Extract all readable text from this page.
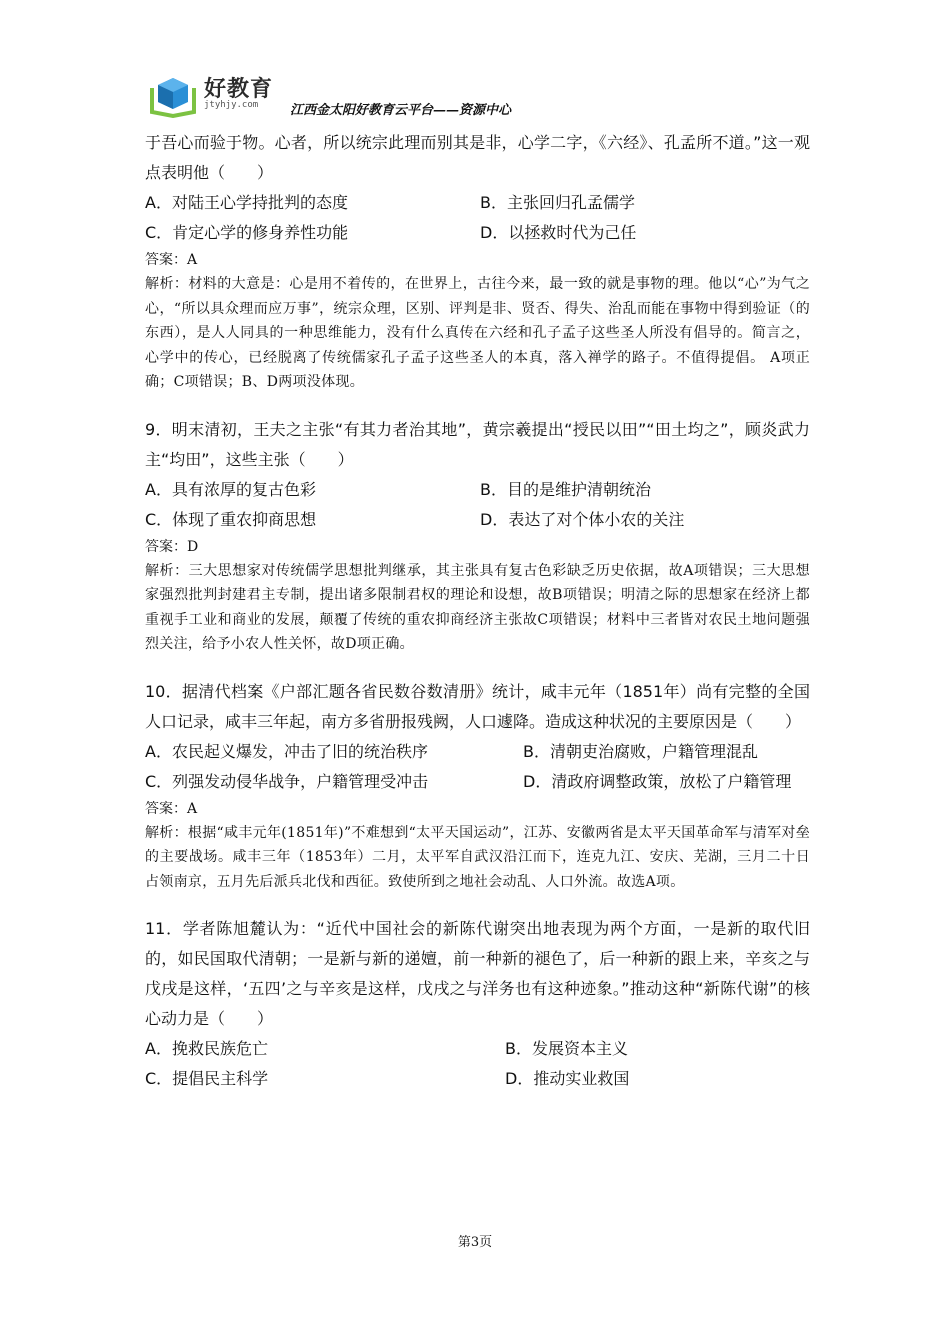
好教育
jtyhjy.com 江西金太阳好教育云平台——资源中心

于吾心而验于物。心者，所以统宗此理而别其是非，心学二字，《六经》、孔孟所不道。”这一观点表明他（　　）

A．对陆王心学持批判的态度	B．主张回归孔孟儒学
C．肯定心学的修身养性功能	D．以拯救时代为己任
答案：A
解析：材料的大意是：心是用不着传的，在世界上，古往今来，最一致的就是事物的理。他以“心”为气之心，“所以具众理而应万事”，统宗众理，区别、评判是非、贤否、得失、治乱而能在事物中得到验证（的东西），是人人同具的一种思维能力，没有什么真传在六经和孔子孟子这些圣人所没有倡导的。简言之，心学中的传心，已经脱离了传统儒家孔子孟子这些圣人的本真，落入禅学的路子。不值得提倡。 A项正确；C项错误；B、D两项没体现。

9．明末清初，王夫之主张“有其力者治其地”，黄宗羲提出“授民以田”“田土均之”，顾炎武力主“均田”，这些主张（　　）

A．具有浓厚的复古色彩	B．目的是维护清朝统治
C．体现了重农抑商思想	D．表达了对个体小农的关注
答案：D
解析：三大思想家对传统儒学思想批判继承，其主张具有复古色彩缺乏历史依据，故A项错误；三大思想家强烈批判封建君主专制，提出诸多限制君权的理论和设想，故B项错误；明清之际的思想家在经济上都重视手工业和商业的发展，颠覆了传统的重农抑商经济主张故C项错误；材料中三者皆对农民土地问题强烈关注，给予小农人性关怀，故D项正确。

10．据清代档案《户部汇题各省民数谷数清册》统计，咸丰元年（1851年）尚有完整的全国人口记录，咸丰三年起，南方多省册报残阙，人口遽降。造成这种状况的主要原因是（　　）

A．农民起义爆发，冲击了旧的统治秩序	B．清朝吏治腐败，户籍管理混乱
C．列强发动侵华战争，户籍管理受冲击	D．清政府调整政策，放松了户籍管理
答案：A
解析：根据“咸丰元年(1851年)”不难想到“太平天国运动”，江苏、安徽两省是太平天国革命军与清军对垒的主要战场。咸丰三年（1853年）二月，太平军自武汉沿江而下，连克九江、安庆、芜湖，三月二十日占领南京，五月先后派兵北伐和西征。致使所到之地社会动乱、人口外流。故选A项。

11．学者陈旭麓认为：“近代中国社会的新陈代谢突出地表现为两个方面，一是新的取代旧的，如民国取代清朝；一是新与新的递嬗，前一种新的褪色了，后一种新的跟上来，辛亥之与戊戌是这样，‘五四’之与辛亥是这样，戊戌之与洋务也有这种迹象。”推动这种“新陈代谢”的核心动力是（　　）

A．挽救民族危亡	B．发展资本主义
C．提倡民主科学	D．推动实业救国
第3页
